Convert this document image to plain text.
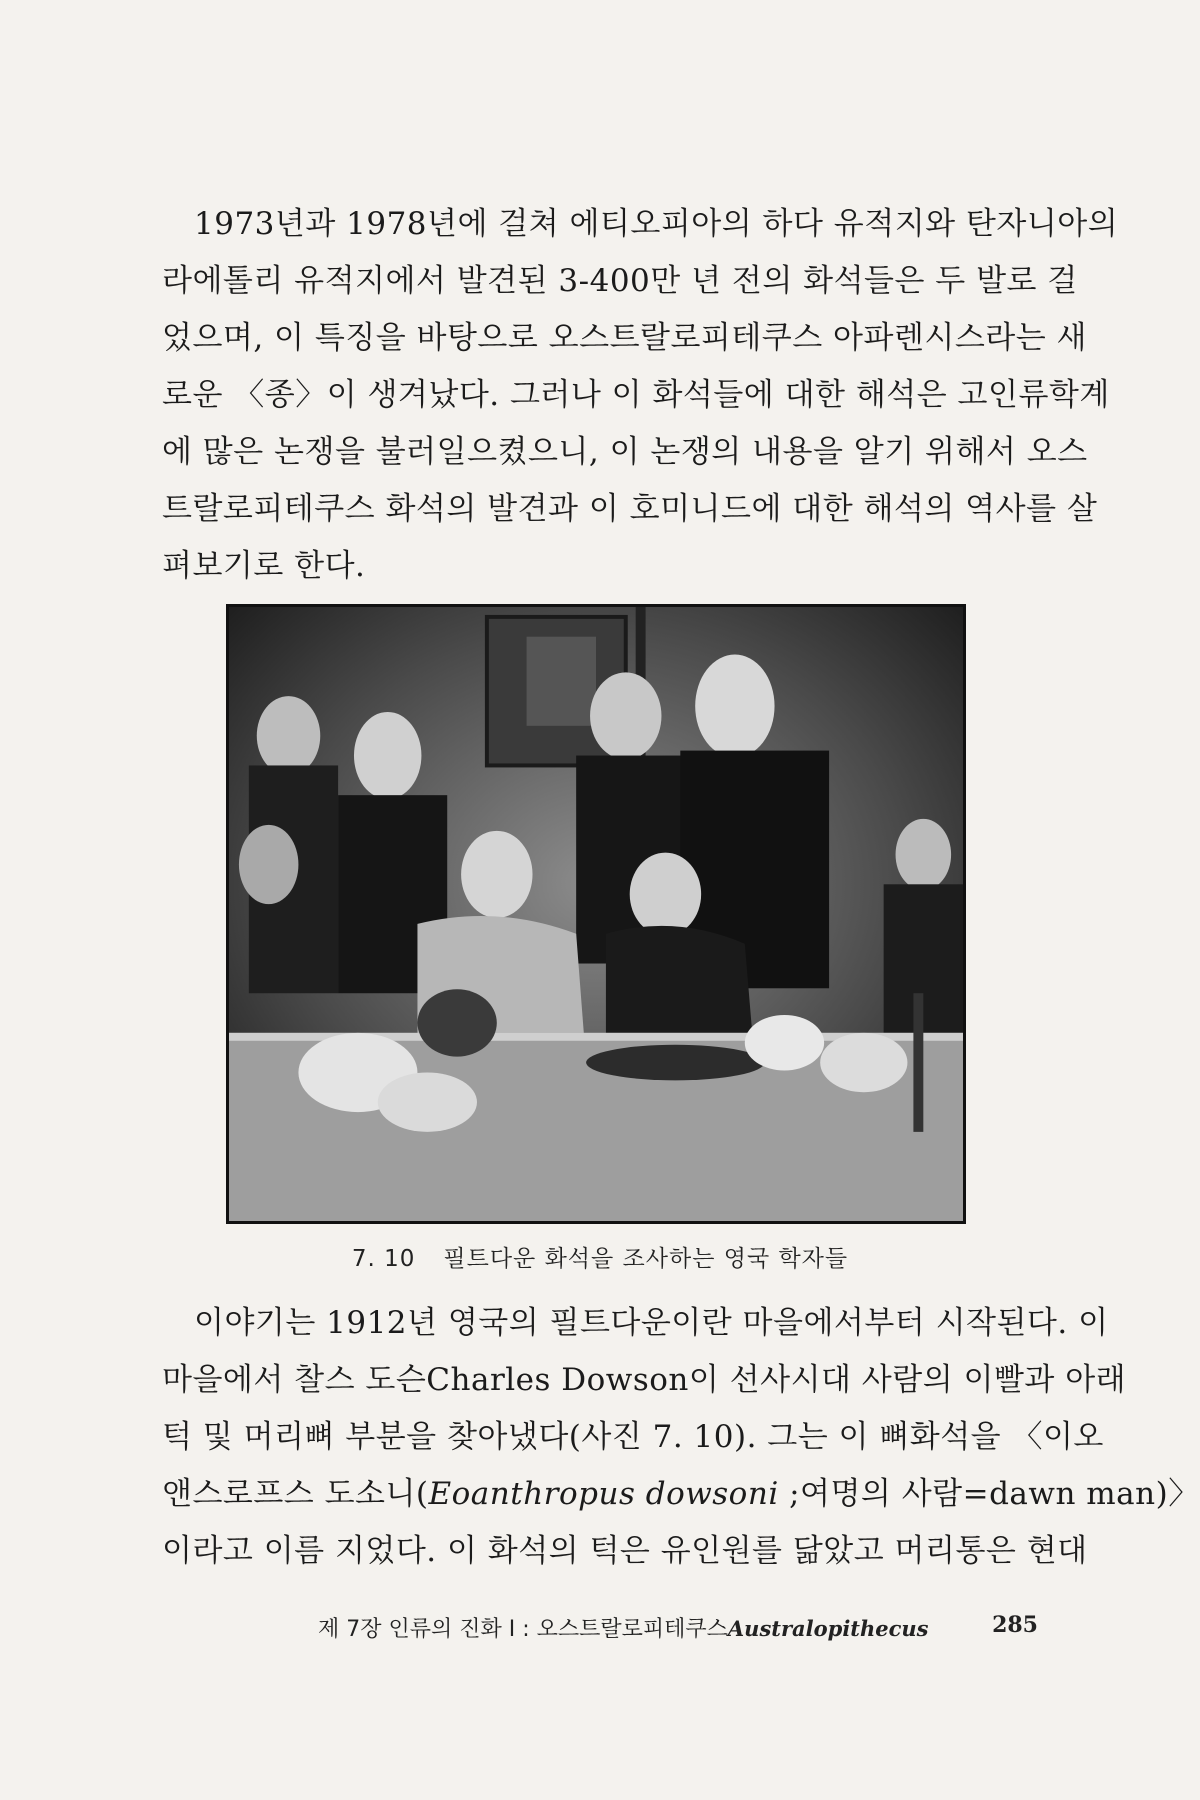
1973년과 1978년에 걸쳐 에티오피아의 하다 유적지와 탄자니아의
라에톨리 유적지에서 발견된 3-400만 년 전의 화석들은 두 발로 걸
었으며, 이 특징을 바탕으로 오스트랄로피테쿠스 아파렌시스라는 새
로운 〈종〉이 생겨났다. 그러나 이 화석들에 대한 해석은 고인류학계
에 많은 논쟁을 불러일으켰으니, 이 논쟁의 내용을 알기 위해서 오스
트랄로피테쿠스 화석의 발견과 이 호미니드에 대한 해석의 역사를 살
펴보기로 한다.
7. 10 필트다운 화석을 조사하는 영국 학자들
이야기는 1912년 영국의 필트다운이란 마을에서부터 시작된다. 이
마을에서 찰스 도슨Charles Dowson이 선사시대 사람의 이빨과 아래
턱 및 머리뼈 부분을 찾아냈다(사진 7. 10). 그는 이 뼈화석을 〈이오
앤스로프스 도소니(Eoanthropus dowsoni ;여명의 사람=dawn man)〉
이라고 이름 지었다. 이 화석의 턱은 유인원를 닮았고 머리통은 현대
제 7장 인류의 진화 Ⅰ : 오스트랄로피테쿠스Australopithecus	285
